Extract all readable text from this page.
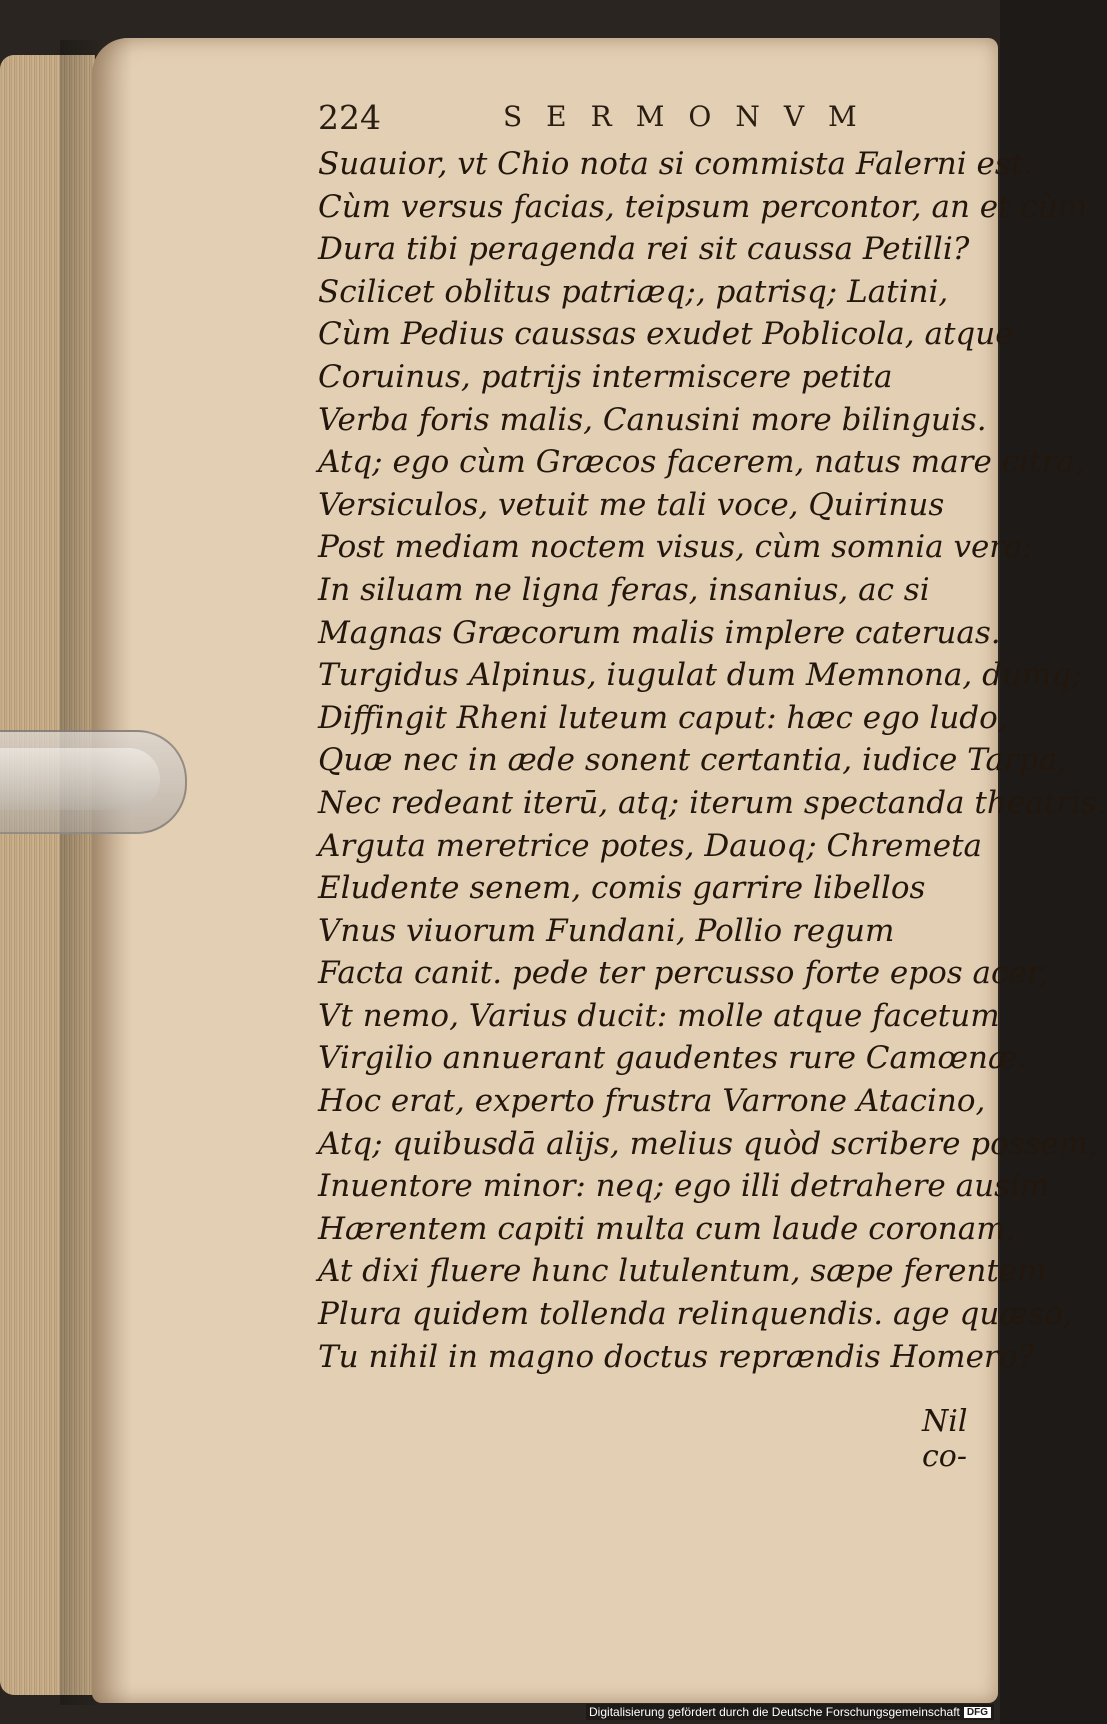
224	SERMONVM
Suauior, vt Chio nota si commista Falerni est.
Cùm versus facias, teipsum percontor, an et cùm
Dura tibi peragenda rei sit caussa Petilli?
Scilicet oblitus patriæq;, patrisq; Latini,
Cùm Pedius caussas exudet Poblicola, atque
Coruinus, patrijs intermiscere petita
Verba foris malis, Canusini more bilinguis.
Atq; ego cùm Græcos facerem, natus mare citra,
Versiculos, vetuit me tali voce, Quirinus
Post mediam noctem visus, cùm somnia vera:
In siluam ne ligna feras, insanius, ac si
Magnas Græcorum malis implere cateruas.
Turgidus Alpinus, iugulat dum Memnona, dumq;
Diffingit Rheni luteum caput: hæc ego ludo,
Quæ nec in æde sonent certantia, iudice Tarpa,
Nec redeant iterū, atq; iterum spectanda theatris.
Arguta meretrice potes, Dauoq; Chremeta
Eludente senem, comis garrire libellos
Vnus viuorum Fundani, Pollio regum
Facta canit. pede ter percusso forte epos acer,
Vt nemo, Varius ducit: molle atque facetum
Virgilio annuerant gaudentes rure Camœnæ.
Hoc erat, experto frustra Varrone Atacino,
Atq; quibusdā alijs, melius quòd scribere possem,
Inuentore minor: neq; ego illi detrahere ausim
Hærentem capiti multa cum laude coronam.
At dixi fluere hunc lutulentum, sæpe ferentem
Plura quidem tollenda relinquendis. age quæso,
Tu nihil in magno doctus reprændis Homero?
Nil co-
Digitalisierung gefördert durch die Deutsche Forschungsgemeinschaft DFG
